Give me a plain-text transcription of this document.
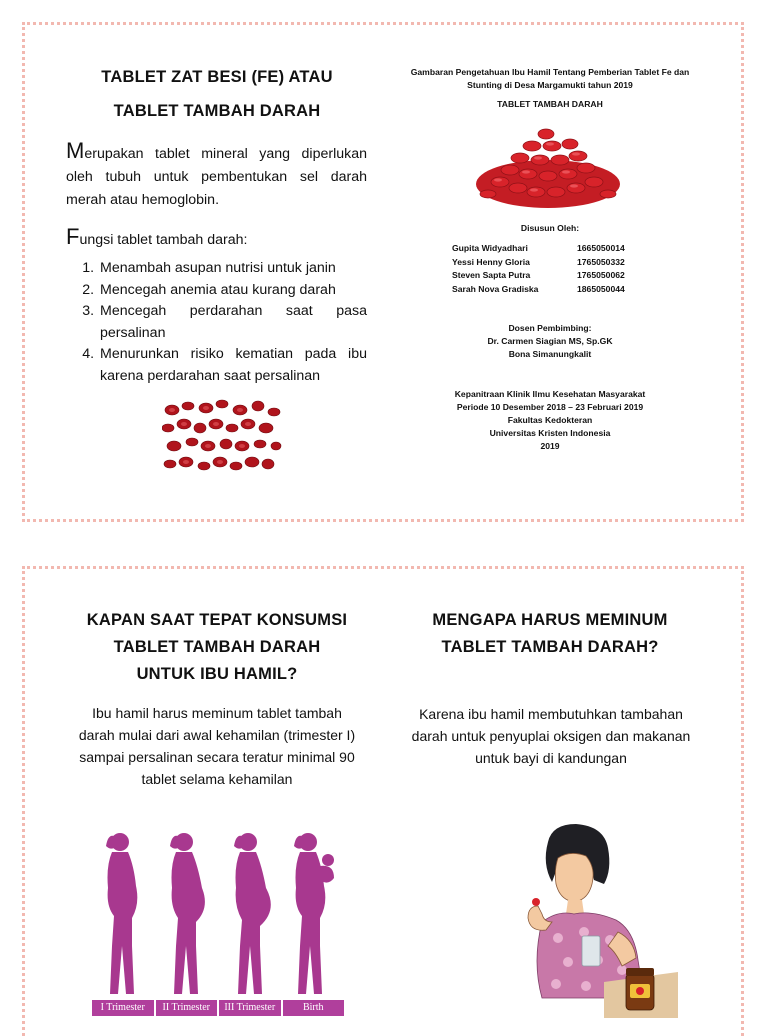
TABLET ZAT BESI (FE) ATAU
TABLET TAMBAH DARAH
Merupakan tablet mineral yang diperlukan oleh tubuh untuk pembentukan sel darah merah atau hemoglobin.
Fungsi tablet tambah darah:
1. Menambah asupan nutrisi untuk janin
2. Mencegah anemia atau kurang darah
3. Mencegah perdarahan saat pasa persalinan
4. Menurunkan risiko kematian pada ibu karena perdarahan saat persalinan
Gambaran Pengetahuan Ibu Hamil Tentang Pemberian Tablet Fe dan
Stunting di Desa Margamukti tahun 2019
TABLET TAMBAH DARAH
Disusun Oleh:
Gupita Widyadhari	1665050014
Yessi Henny Gloria	1765050332
Steven Sapta Putra	1765050062
Sarah Nova Gradiska	1865050044
Dosen Pembimbing:
Dr. Carmen Siagian MS, Sp.GK
Bona Simanungkalit
Kepanitraan Klinik Ilmu Kesehatan Masyarakat
Periode 10 Desember 2018 – 23 Februari 2019
Fakultas Kedokteran
Universitas Kristen Indonesia
2019
KAPAN SAAT TEPAT KONSUMSI
TABLET TAMBAH DARAH
UNTUK IBU HAMIL?
Ibu hamil harus meminum tablet tambah
darah mulai dari awal kehamilan (trimester I)
sampai persalinan secara teratur minimal 90
tablet selama kehamilan
I Trimester	II Trimester	III Trimester	Birth
MENGAPA HARUS MEMINUM
TABLET TAMBAH DARAH?
Karena ibu hamil membutuhkan tambahan
darah untuk penyuplai oksigen dan makanan
untuk bayi di kandungan
